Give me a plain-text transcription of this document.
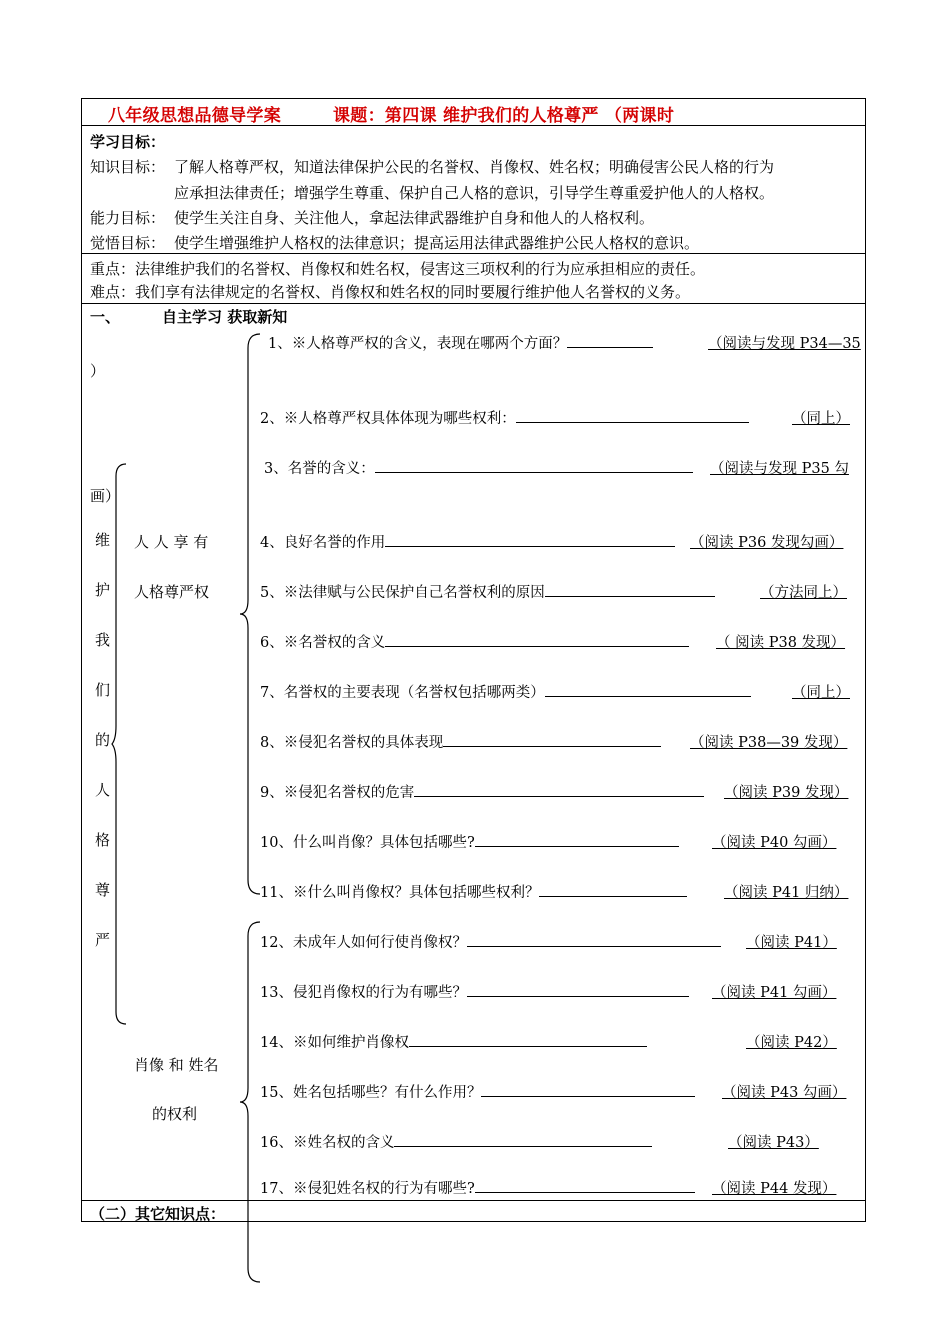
八年级思想品德导学案	课题：第四课 维护我们的人格尊严 （两课时
学习目标：
知识目标： 了解人格尊严权，知道法律保护公民的名誉权、肖像权、姓名权；明确侵害公民人格的行为
应承担法律责任；增强学生尊重、保护自己人格的意识，引导学生尊重爱护他人的人格权。
能力目标： 使学生关注自身、关注他人，拿起法律武器维护自身和他人的人格权利。
觉悟目标： 使学生增强维护人格权的法律意识；提高运用法律武器维护公民人格权的意识。
重点：法律维护我们的名誉权、肖像权和姓名权，侵害这三项权利的行为应承担相应的责任。
难点：我们享有法律规定的名誉权、肖像权和姓名权的同时要履行维护他人名誉权的义务。
一、	自主学习 获取新知
）
画）
维
护
我
们
的
人
格
尊
严
人 人 享 有
人格尊严权
肖像 和 姓名
的权利
1、※人格尊严权的含义，表现在哪两个方面？	（阅读与发现 P34—35
2、※人格尊严权具体体现为哪些权利：	（同上）
3、名誉的含义：	（阅读与发现 P35 勾
4、良好名誉的作用	（阅读 P36 发现勾画）
5、※法律赋与公民保护自己名誉权利的原因	（方法同上）
6、※名誉权的含义	（ 阅读 P38 发现）
7、名誉权的主要表现（名誉权包括哪两类）	（同上）
8、※侵犯名誉权的具体表现	（阅读 P38—39 发现）
9、※侵犯名誉权的危害	（阅读 P39 发现）
10、什么叫肖像？具体包括哪些?	（阅读 P40 勾画）
11、※什么叫肖像权？具体包括哪些权利？	（阅读 P41 归纳）
12、未成年人如何行使肖像权？	（阅读 P41）
13、侵犯肖像权的行为有哪些？	（阅读 P41 勾画）
14、※如何维护肖像权	（阅读 P42）
15、姓名包括哪些？有什么作用？	（阅读 P43 勾画）
16、※姓名权的含义	（阅读 P43）
17、※侵犯姓名权的行为有哪些?	（阅读 P44 发现）
（二）其它知识点：
